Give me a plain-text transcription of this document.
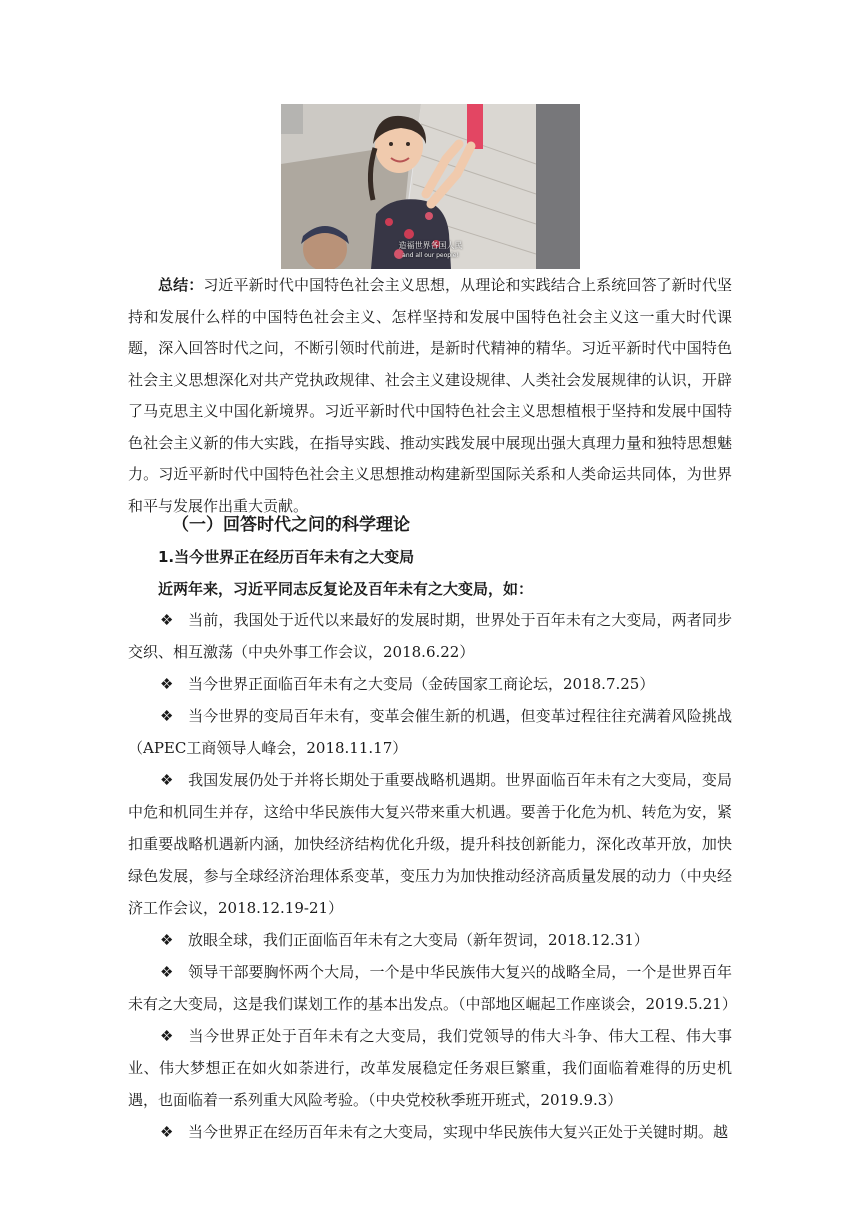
造福世界各国人民
and all our people!

总结：习近平新时代中国特色社会主义思想，从理论和实践结合上系统回答了新时代坚持和发展什么样的中国特色社会主义、怎样坚持和发展中国特色社会主义这一重大时代课题，深入回答时代之问，不断引领时代前进，是新时代精神的精华。习近平新时代中国特色社会主义思想深化对共产党执政规律、社会主义建设规律、人类社会发展规律的认识，开辟了马克思主义中国化新境界。习近平新时代中国特色社会主义思想植根于坚持和发展中国特色社会主义新的伟大实践，在指导实践、推动实践发展中展现出强大真理力量和独特思想魅力。习近平新时代中国特色社会主义思想推动构建新型国际关系和人类命运共同体，为世界和平与发展作出重大贡献。

（一）回答时代之问的科学理论
1.当今世界正在经历百年未有之大变局
近两年来，习近平同志反复论及百年未有之大变局，如：

❖ 当前，我国处于近代以来最好的发展时期，世界处于百年未有之大变局，两者同步交织、相互激荡（中央外事工作会议，2018.6.22）

❖ 当今世界正面临百年未有之大变局（金砖国家工商论坛，2018.7.25）

❖ 当今世界的变局百年未有，变革会催生新的机遇，但变革过程往往充满着风险挑战（APEC工商领导人峰会，2018.11.17）

❖ 我国发展仍处于并将长期处于重要战略机遇期。世界面临百年未有之大变局，变局中危和机同生并存，这给中华民族伟大复兴带来重大机遇。要善于化危为机、转危为安，紧扣重要战略机遇新内涵，加快经济结构优化升级，提升科技创新能力，深化改革开放，加快绿色发展，参与全球经济治理体系变革，变压力为加快推动经济高质量发展的动力（中央经济工作会议，2018.12.19-21）

❖ 放眼全球，我们正面临百年未有之大变局（新年贺词，2018.12.31）

❖ 领导干部要胸怀两个大局，一个是中华民族伟大复兴的战略全局，一个是世界百年未有之大变局，这是我们谋划工作的基本出发点。（中部地区崛起工作座谈会，2019.5.21）

❖ 当今世界正处于百年未有之大变局，我们党领导的伟大斗争、伟大工程、伟大事业、伟大梦想正在如火如荼进行，改革发展稳定任务艰巨繁重，我们面临着难得的历史机遇，也面临着一系列重大风险考验。（中央党校秋季班开班式，2019.9.3）

❖ 当今世界正在经历百年未有之大变局，实现中华民族伟大复兴正处于关键时期。越
